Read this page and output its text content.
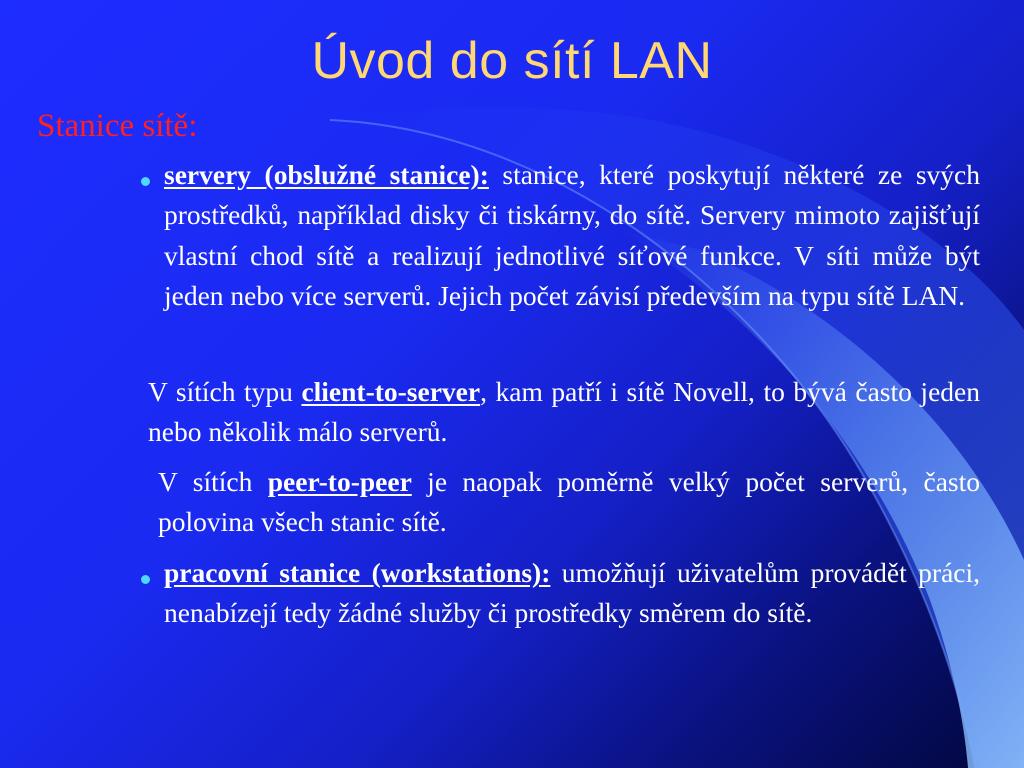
Úvod do sítí LAN
Stanice sítě:
servery (obslužné stanice): stanice, které poskytují některé ze svých prostředků, například disky či tiskárny, do sítě. Servery mimoto zajišťují vlastní chod sítě a realizují jednotlivé síťové funkce. V síti může být jeden nebo více serverů. Jejich počet závisí především na typu sítě LAN.
V sítích typu client-to-server, kam patří i sítě Novell, to bývá často jeden nebo několik málo serverů.
V sítích peer-to-peer je naopak poměrně velký počet serverů, často polovina všech stanic sítě.
pracovní stanice (workstations): umožňují uživatelům provádět práci, nenabízejí tedy žádné služby či prostředky směrem do sítě.
